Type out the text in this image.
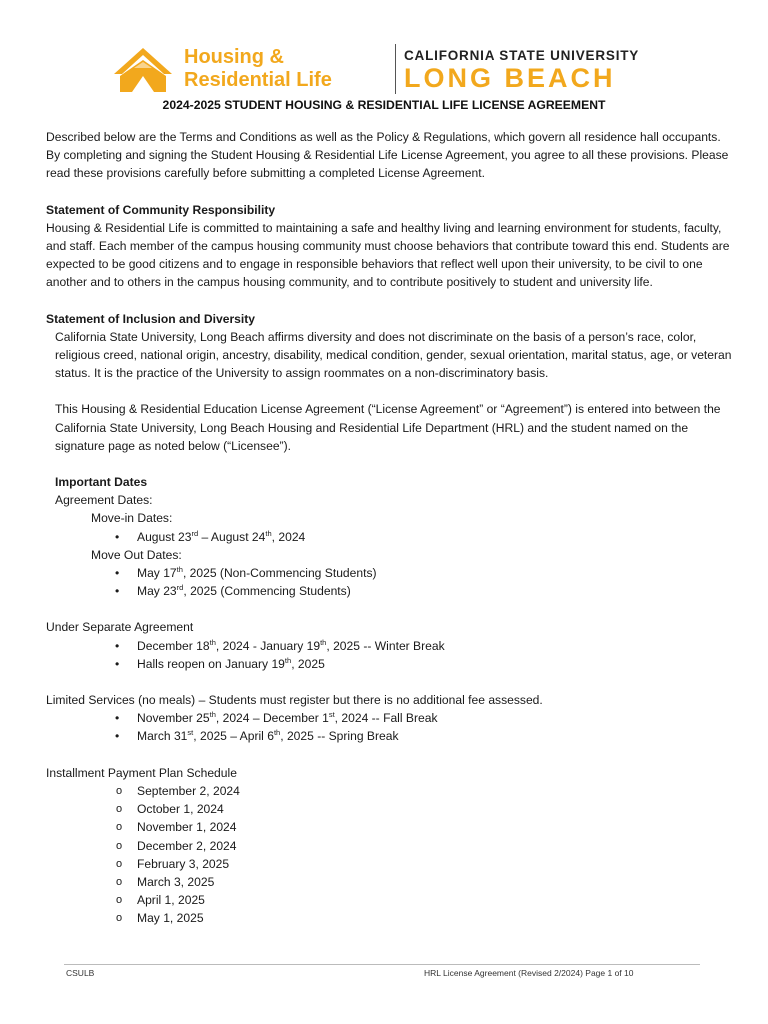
Housing &
Residential Life
CALIFORNIA STATE UNIVERSITY
LONG BEACH
2024-2025 STUDENT HOUSING & RESIDENTIAL LIFE LICENSE AGREEMENT

Described below are the Terms and Conditions as well as the Policy & Regulations, which govern all residence hall occupants. By completing and signing the Student Housing & Residential Life License Agreement, you agree to all these provisions. Please read these provisions carefully before submitting a completed License Agreement.

Statement of Community Responsibility

Housing & Residential Life is committed to maintaining a safe and healthy living and learning environment for students, faculty, and staff. Each member of the campus housing community must choose behaviors that contribute toward this end. Students are expected to be good citizens and to engage in responsible behaviors that reflect well upon their university, to be civil to one another and to others in the campus housing community, and to contribute positively to student and university life.

Statement of Inclusion and Diversity

California State University, Long Beach affirms diversity and does not discriminate on the basis of a person’s race, color, religious creed, national origin, ancestry, disability, medical condition, gender, sexual orientation, marital status, age, or veteran status. It is the practice of the University to assign roommates on a non-discriminatory basis.

This Housing & Residential Education License Agreement (“License Agreement” or “Agreement”) is entered into between the California State University, Long Beach Housing and Residential Life Department (HRL) and the student named on the signature page as noted below (“Licensee”).

Important Dates

Agreement Dates:

Move-in Dates:

• August 23rd – August 24th, 2024

Move Out Dates:

• May 17th, 2025 (Non-Commencing Students)

• May 23rd, 2025 (Commencing Students)

Under Separate Agreement

• December 18th, 2024 - January 19th, 2025 -- Winter Break

• Halls reopen on January 19th, 2025

Limited Services (no meals) – Students must register but there is no additional fee assessed.

• November 25th, 2024 – December 1st, 2024 -- Fall Break

• March 31st, 2025 – April 6th, 2025 -- Spring Break

Installment Payment Plan Schedule

o September 2, 2024

o October 1, 2024

o November 1, 2024

o December 2, 2024

o February 3, 2025

o March 3, 2025

o April 1, 2025

o May 1, 2025

CSULB	HRL License Agreement (Revised 2/2024) Page 1 of 10
